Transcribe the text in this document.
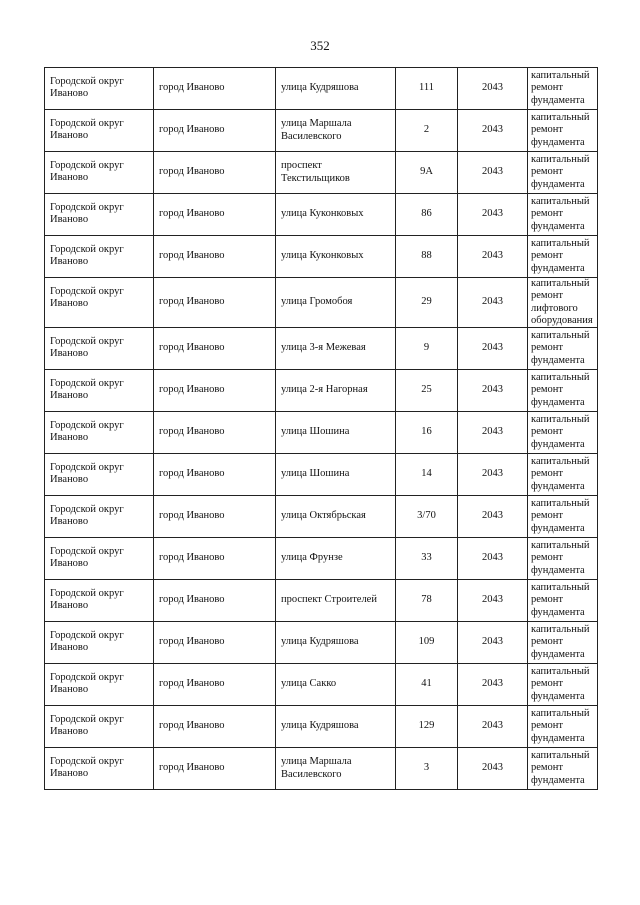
352
Городской округ Иваново	город Иваново	улица Кудряшова	111	2043	капитальный ремонт фундамента
Городской округ Иваново	город Иваново	улица Маршала Василевского	2	2043	капитальный ремонт фундамента
Городской округ Иваново	город Иваново	проспект Текстильщиков	9А	2043	капитальный ремонт фундамента
Городской округ Иваново	город Иваново	улица Куконковых	86	2043	капитальный ремонт фундамента
Городской округ Иваново	город Иваново	улица Куконковых	88	2043	капитальный ремонт фундамента
Городской округ Иваново	город Иваново	улица Громобоя	29	2043	капитальный ремонт лифтового оборудования
Городской округ Иваново	город Иваново	улица 3-я Межевая	9	2043	капитальный ремонт фундамента
Городской округ Иваново	город Иваново	улица 2-я Нагорная	25	2043	капитальный ремонт фундамента
Городской округ Иваново	город Иваново	улица Шошина	16	2043	капитальный ремонт фундамента
Городской округ Иваново	город Иваново	улица Шошина	14	2043	капитальный ремонт фундамента
Городской округ Иваново	город Иваново	улица Октябрьская	3/70	2043	капитальный ремонт фундамента
Городской округ Иваново	город Иваново	улица Фрунзе	33	2043	капитальный ремонт фундамента
Городской округ Иваново	город Иваново	проспект Строителей	78	2043	капитальный ремонт фундамента
Городской округ Иваново	город Иваново	улица Кудряшова	109	2043	капитальный ремонт фундамента
Городской округ Иваново	город Иваново	улица Сакко	41	2043	капитальный ремонт фундамента
Городской округ Иваново	город Иваново	улица Кудряшова	129	2043	капитальный ремонт фундамента
Городской округ Иваново	город Иваново	улица Маршала Василевского	3	2043	капитальный ремонт фундамента
